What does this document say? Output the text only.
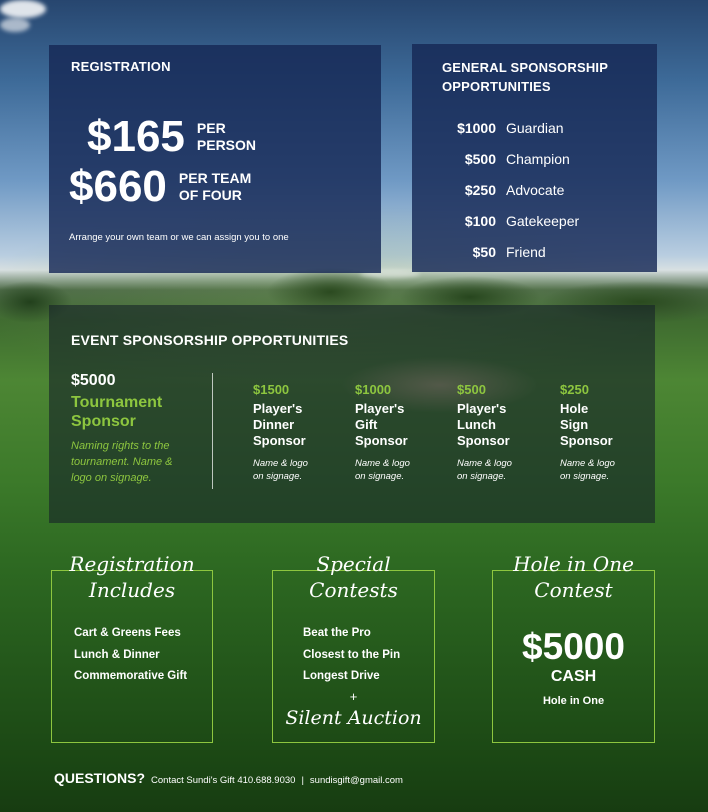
REGISTRATION
$165 PER
PERSON
$660 PER TEAM
OF FOUR
Arrange your own team or we can assign you to one
GENERAL SPONSORSHIP
OPPORTUNITIES
$1000 Guardian
$500 Champion
$250 Advocate
$100 Gatekeeper
$50 Friend
EVENT SPONSORSHIP OPPORTUNITIES
$5000
Tournament
Sponsor
Naming rights to the
tournament. Name &
logo on signage.
$1500
Player's
Dinner
Sponsor
Name & logo
on signage.
$1000
Player's
Gift
Sponsor
Name & logo
on signage.
$500
Player's
Lunch
Sponsor
Name & logo
on signage.
$250
Hole
Sign
Sponsor
Name & logo
on signage.
Registration
Includes
Cart & Greens Fees
Lunch & Dinner
Commemorative Gift
Special
Contests
Beat the Pro
Closest to the Pin
Longest Drive
+
Silent Auction
Hole in One
Contest
$5000
CASH
Hole in One
QUESTIONS? Contact Sundi's Gift 410.688.9030 | sundisgift@gmail.com
